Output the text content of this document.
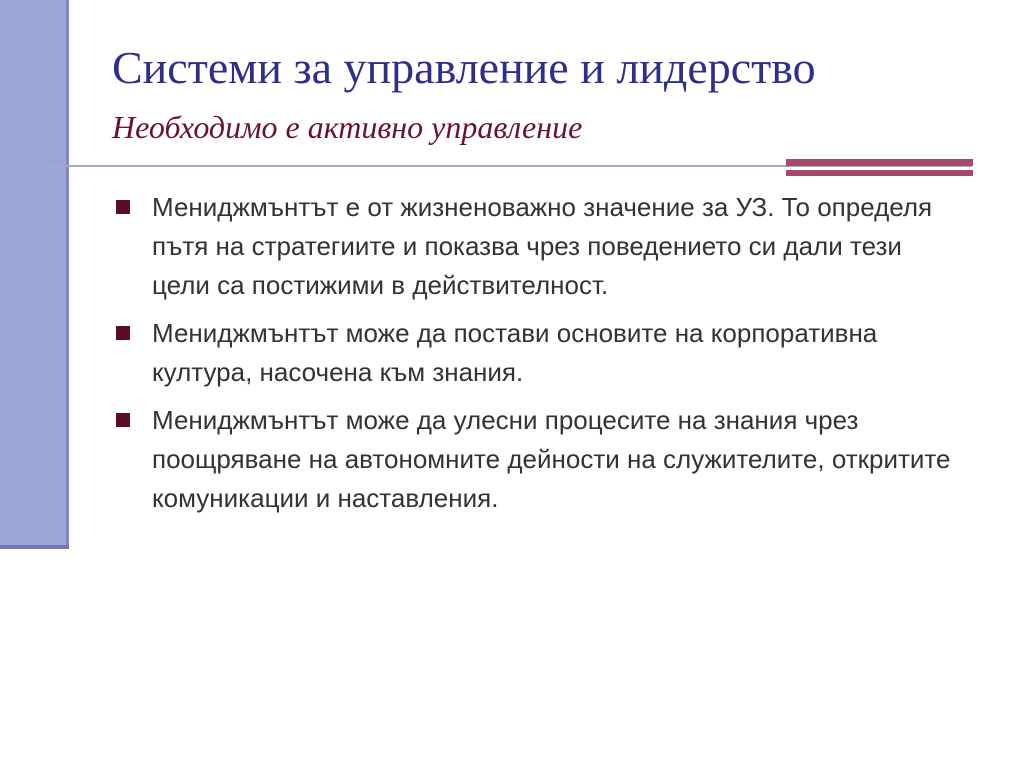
Системи за управление и лидерство
Необходимо е активно управление
Мениджмънтът е от жизненоважно значение за УЗ. То определя пътя на стратегиите и показва чрез поведението си дали тези цели са постижими в действителност.
Мениджмънтът може да постави основите на корпоративна култура, насочена към знания.
Мениджмънтът може да улесни процесите на знания чрез поощряване на автономните дейности на служителите, откритите комуникации и наставления.
